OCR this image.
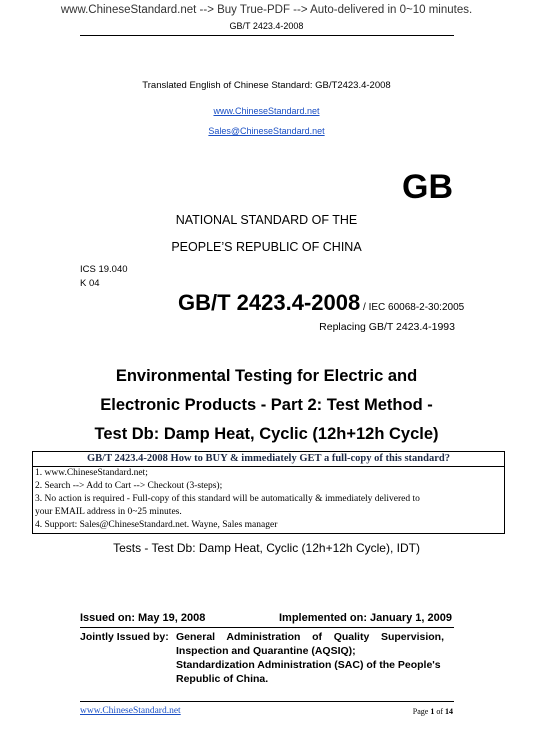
www.ChineseStandard.net --> Buy True-PDF --> Auto-delivered in 0~10 minutes.
GB/T 2423.4-2008
Translated English of Chinese Standard: GB/T2423.4-2008
www.ChineseStandard.net
Sales@ChineseStandard.net
GB
NATIONAL STANDARD OF THE
PEOPLE’S REPUBLIC OF CHINA
ICS 19.040
K 04
GB/T 2423.4-2008 / IEC 60068-2-30:2005
Replacing GB/T 2423.4-1993
Environmental Testing for Electric and
Electronic Products - Part 2: Test Method -
Test Db: Damp Heat, Cyclic (12h+12h Cycle)
GB/T 2423.4-2008 How to BUY & immediately GET a full-copy of this standard?
1. www.ChineseStandard.net;
2. Search --> Add to Cart --> Checkout (3-steps);
3. No action is required - Full-copy of this standard will be automatically & immediately delivered to
your EMAIL address in 0~25 minutes.
4. Support: Sales@ChineseStandard.net. Wayne, Sales manager
Tests - Test Db: Damp Heat, Cyclic (12h+12h Cycle), IDT)
Issued on: May 19, 2008	Implemented on: January 1, 2009
Jointly Issued by: General    Administration    of    Quality    Supervision,
Inspection and Quarantine (AQSIQ);
Standardization Administration (SAC) of the People's
Republic of China.
www.ChineseStandard.net	Page 1 of 14
